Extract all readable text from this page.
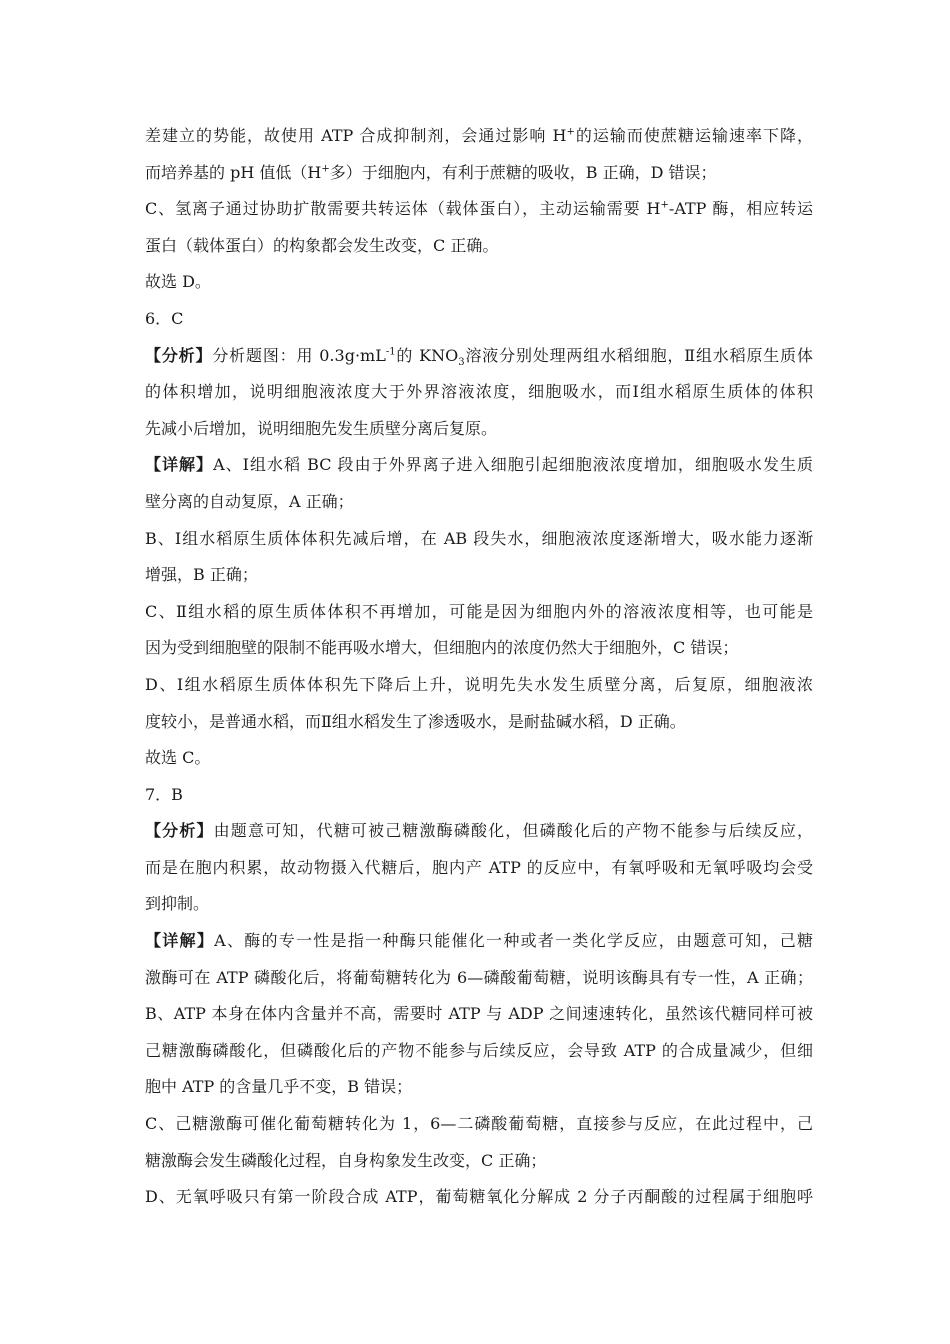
差建立的势能，故使用 ATP 合成抑制剂，会通过影响 H+的运输而使蔗糖运输速率下降，
而培养基的 pH 值低（H+多）于细胞内，有利于蔗糖的吸收，B 正确，D 错误；
C、氢离子通过协助扩散需要共转运体（载体蛋白），主动运输需要 H+-ATP 酶，相应转运
蛋白（载体蛋白）的构象都会发生改变，C 正确。
故选 D。
6．C
【分析】分析题图：用 $0.3g\cdot mL^{-1}$的 $KNO_3$溶液分别处理两组水稻细胞，Ⅱ组水稻原生质体
的体积增加，说明细胞液浓度大于外界溶液浓度，细胞吸水，而Ⅰ组水稻原生质体的体积
先减小后增加，说明细胞先发生质壁分离后复原。
【详解】A、Ⅰ组水稻 BC 段由于外界离子进入细胞引起细胞液浓度增加，细胞吸水发生质
壁分离的自动复原，A 正确；
B、Ⅰ组水稻原生质体体积先减后增，在 AB 段失水，细胞液浓度逐渐增大，吸水能力逐渐
增强，B 正确；
C、Ⅱ组水稻的原生质体体积不再增加，可能是因为细胞内外的溶液浓度相等，也可能是
因为受到细胞壁的限制不能再吸水增大，但细胞内的浓度仍然大于细胞外，C 错误；
D、Ⅰ组水稻原生质体体积先下降后上升，说明先失水发生质壁分离，后复原，细胞液浓
度较小，是普通水稻，而Ⅱ组水稻发生了渗透吸水，是耐盐碱水稻，D 正确。
故选 C。
7．B
【分析】由题意可知，代糖可被己糖激酶磷酸化，但磷酸化后的产物不能参与后续反应，
而是在胞内积累，故动物摄入代糖后，胞内产 ATP 的反应中，有氧呼吸和无氧呼吸均会受
到抑制。
【详解】A、酶的专一性是指一种酶只能催化一种或者一类化学反应，由题意可知，己糖
激酶可在 ATP 磷酸化后，将葡萄糖转化为 6—磷酸葡萄糖，说明该酶具有专一性，A 正确；
B、ATP 本身在体内含量并不高，需要时 ATP 与 ADP 之间速速转化，虽然该代糖同样可被
己糖激酶磷酸化，但磷酸化后的产物不能参与后续反应，会导致 ATP 的合成量减少，但细
胞中 ATP 的含量几乎不变，B 错误；
C、己糖激酶可催化葡萄糖转化为 1，6—二磷酸葡萄糖，直接参与反应，在此过程中，己
糖激酶会发生磷酸化过程，自身构象发生改变，C 正确；
D、无氧呼吸只有第一阶段合成 ATP，葡萄糖氧化分解成 2 分子丙酮酸的过程属于细胞呼
